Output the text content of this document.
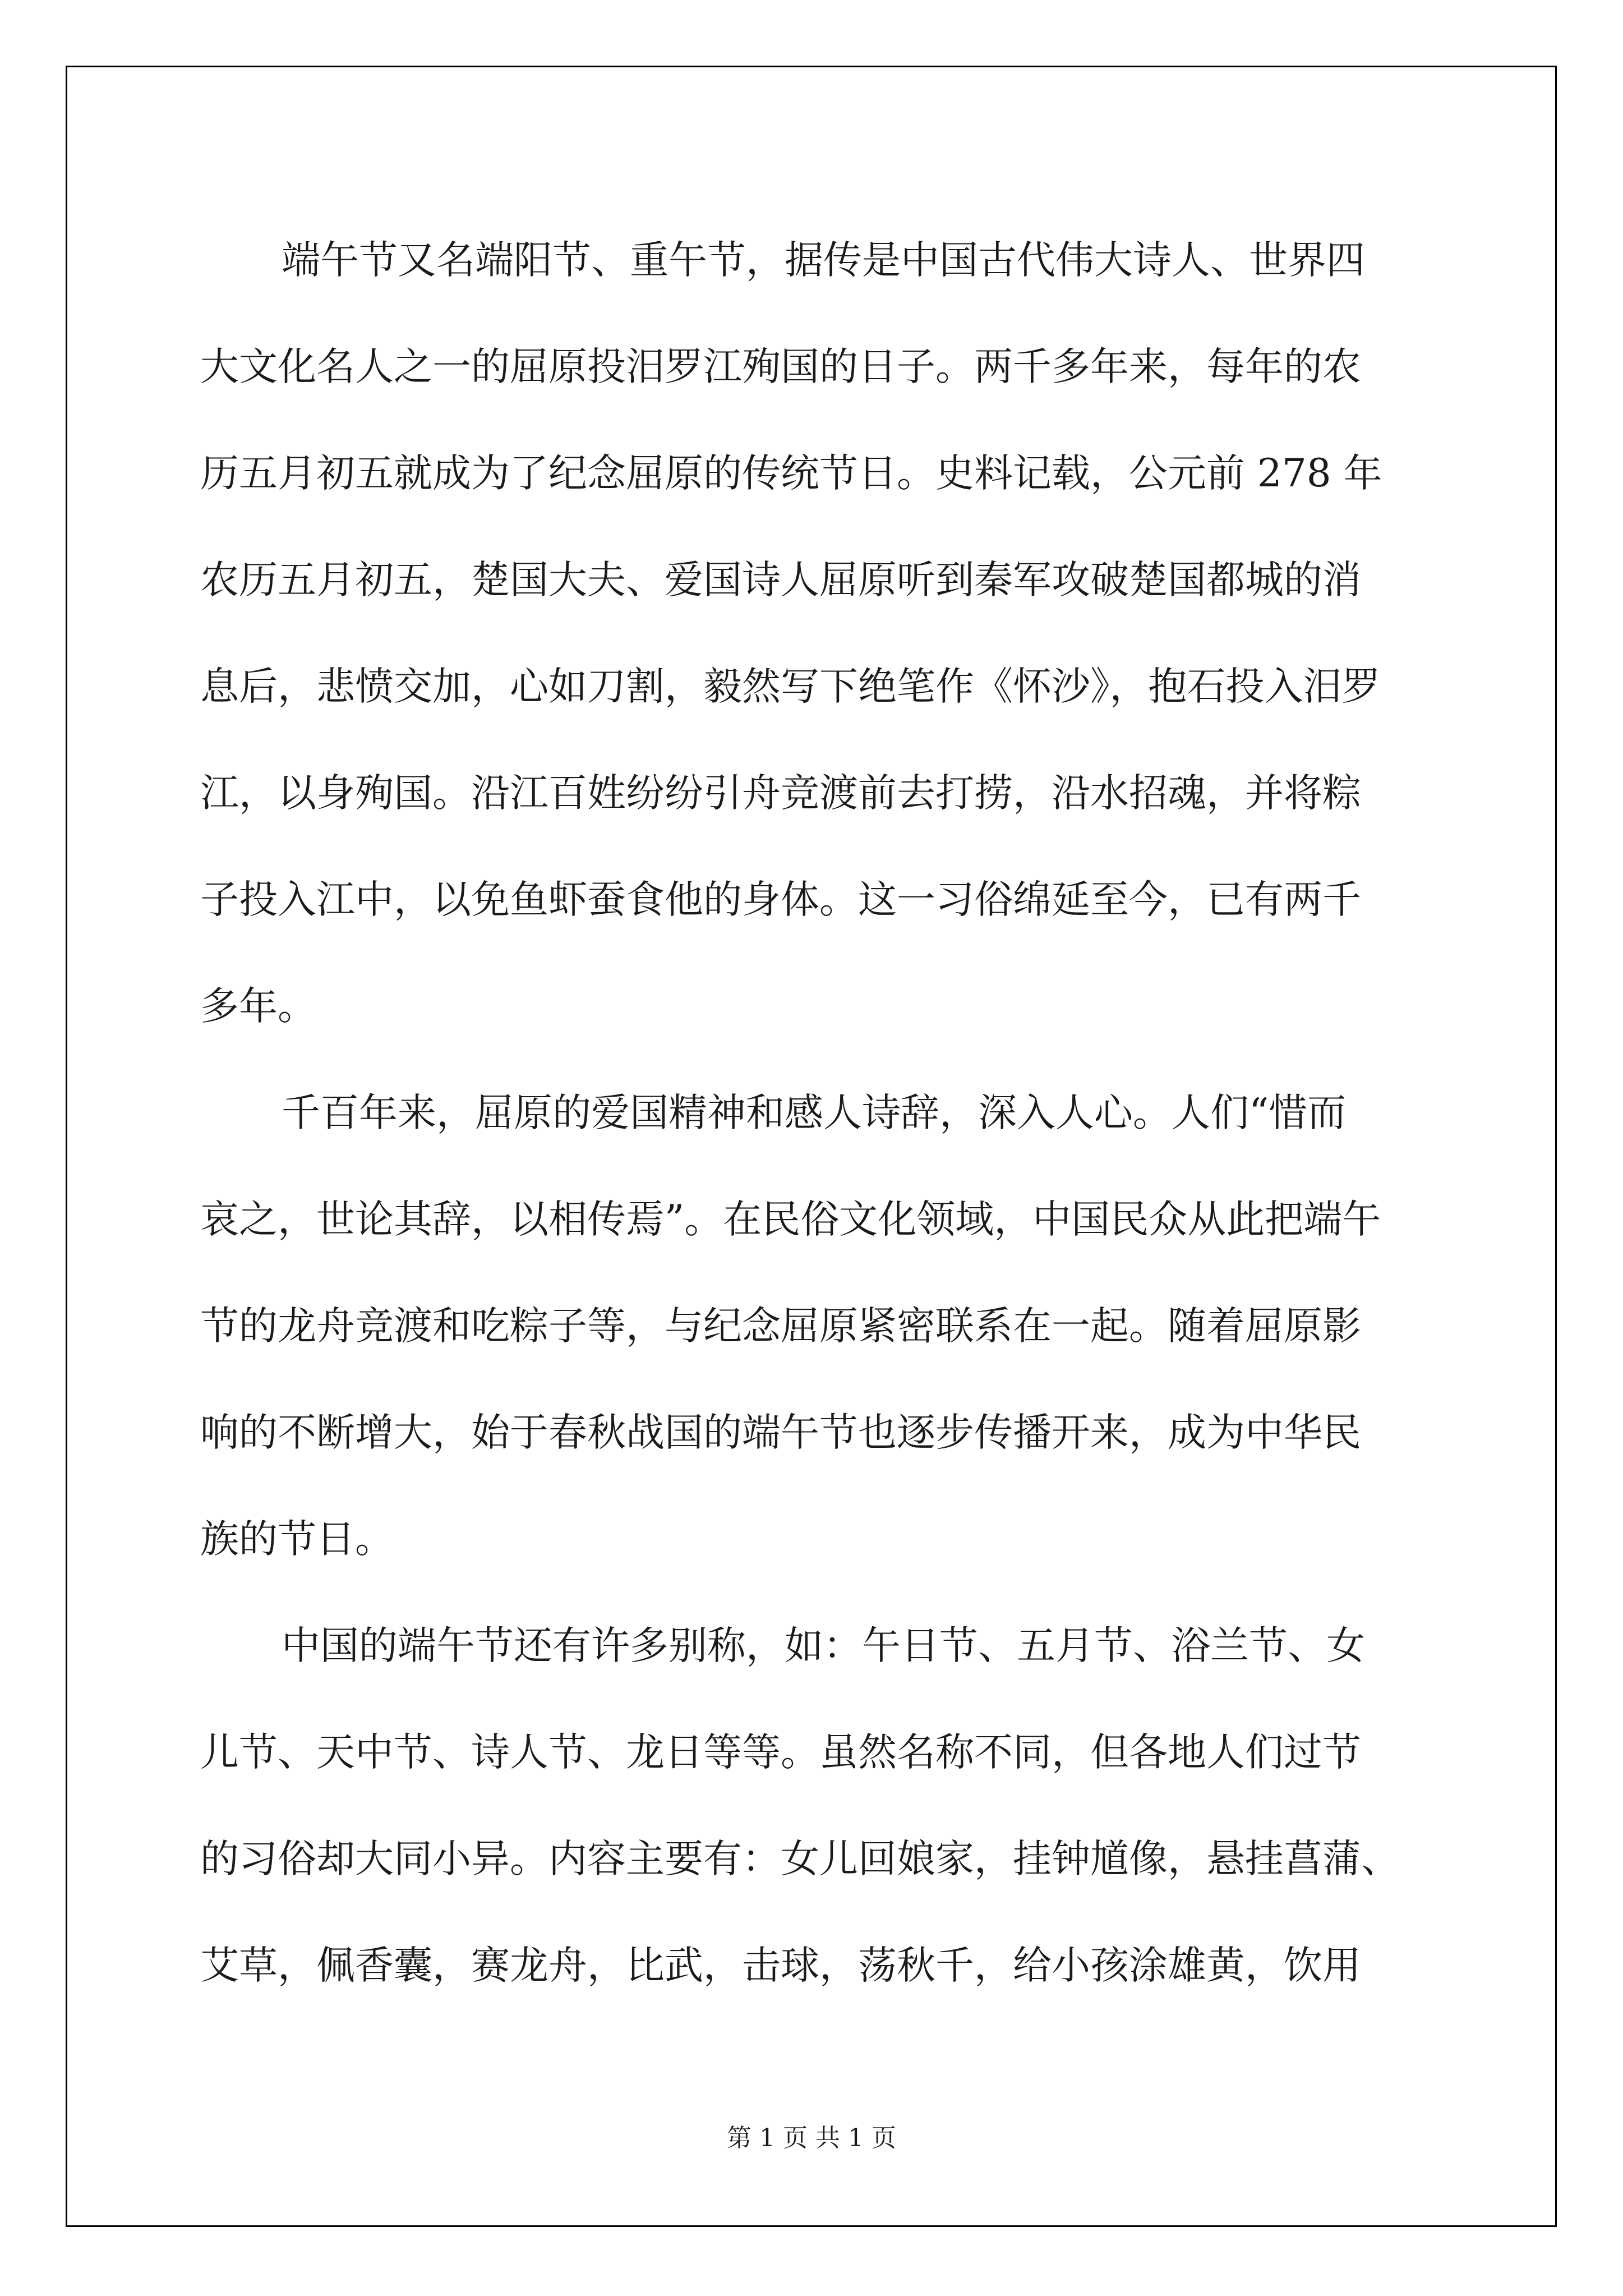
端午节又名端阳节、重午节，据传是中国古代伟大诗人、世界四
大文化名人之一的屈原投汨罗江殉国的日子。两千多年来，每年的农
历五月初五就成为了纪念屈原的传统节日。史料记载，公元前 278 年
农历五月初五，楚国大夫、爱国诗人屈原听到秦军攻破楚国都城的消
息后，悲愤交加，心如刀割，毅然写下绝笔作《怀沙》，抱石投入汨罗
江，以身殉国。沿江百姓纷纷引舟竞渡前去打捞，沿水招魂，并将粽
子投入江中，以免鱼虾蚕食他的身体。这一习俗绵延至今，已有两千
多年。
千百年来，屈原的爱国精神和感人诗辞，深入人心。人们“惜而
哀之，世论其辞，以相传焉”。在民俗文化领域，中国民众从此把端午
节的龙舟竞渡和吃粽子等，与纪念屈原紧密联系在一起。随着屈原影
响的不断增大，始于春秋战国的端午节也逐步传播开来，成为中华民
族的节日。
中国的端午节还有许多别称，如：午日节、五月节、浴兰节、女
儿节、天中节、诗人节、龙日等等。虽然名称不同，但各地人们过节
的习俗却大同小异。内容主要有：女儿回娘家，挂钟馗像，悬挂菖蒲、
艾草，佩香囊，赛龙舟，比武，击球，荡秋千，给小孩涂雄黄，饮用
第 1 页 共 1 页
